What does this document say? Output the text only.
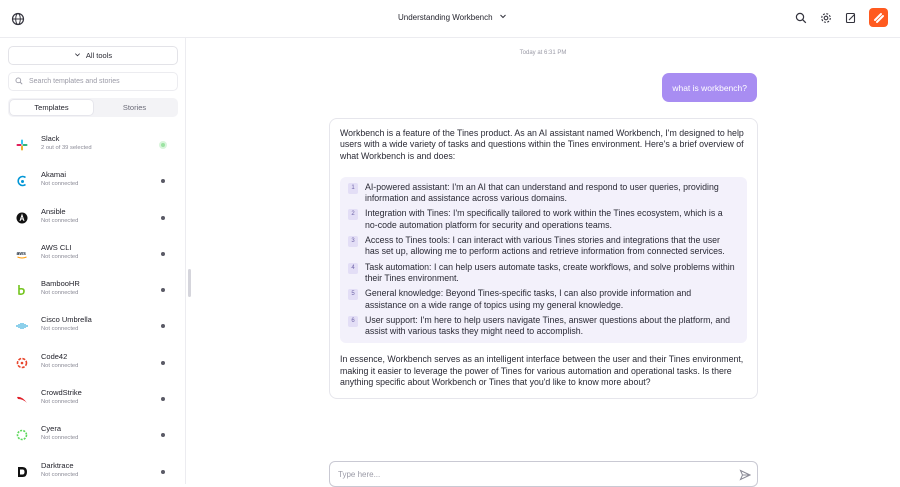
Understanding Workbench
All tools
Search templates and stories
Templates	Stories
Slack
2 out of 39 selected
Akamai
Not connected
Ansible
Not connected
aws
AWS CLI
Not connected
BambooHR
Not connected
Cisco Umbrella
Not connected
Code42
Not connected
CrowdStrike
Not connected
Cyera
Not connected
Darktrace
Not connected
Today at 6:31 PM
what is workbench?
Workbench is a feature of the Tines product. As an AI assistant named Workbench, I'm designed to help users with a wide variety of tasks and questions within the Tines environment. Here's a brief overview of what Workbench is and does:
1	AI-powered assistant: I'm an AI that can understand and respond to user queries, providing information and assistance across various domains.
2	Integration with Tines: I'm specifically tailored to work within the Tines ecosystem, which is a no-code automation platform for security and operations teams.
3	Access to Tines tools: I can interact with various Tines stories and integrations that the user has set up, allowing me to perform actions and retrieve information from connected services.
4	Task automation: I can help users automate tasks, create workflows, and solve problems within their Tines environment.
5	General knowledge: Beyond Tines-specific tasks, I can also provide information and assistance on a wide range of topics using my general knowledge.
6	User support: I'm here to help users navigate Tines, answer questions about the platform, and assist with various tasks they might need to accomplish.
In essence, Workbench serves as an intelligent interface between the user and their Tines environment, making it easier to leverage the power of Tines for various automation and operational tasks. Is there anything specific about Workbench or Tines that you'd like to know more about?
Type here...
